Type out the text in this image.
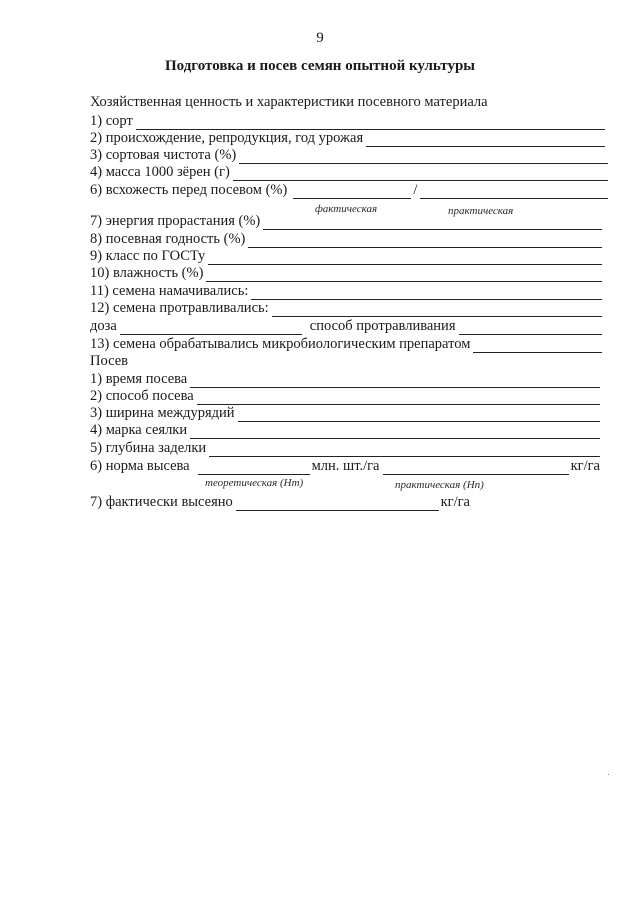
9
Подготовка и посев семян опытной культуры
Хозяйственная ценность и характеристики посевного материала
1) сорт
2) происхождение, репродукция, год урожая
3) сортовая чистота (%)
4) масса 1000 зёрен (г)
6) всхожесть перед посевом (%)	/
фактическая	практическая
7) энергия прорастания (%)
8) посевная годность (%)
9) класс по ГОСТу
10) влажность (%)
11) семена намачивались:
12) семена протравливались:
доза	способ протравливания
13) семена обрабатывались микробиологическим препаратом
Посев
1) время посева
2) способ посева
3) ширина междурядий
4) марка сеялки
5) глубина заделки
6) норма высева	млн. шт./га	кг/га
теоретическая (Нт)	практическая (Нп)
7) фактически высеяно	кг/га
